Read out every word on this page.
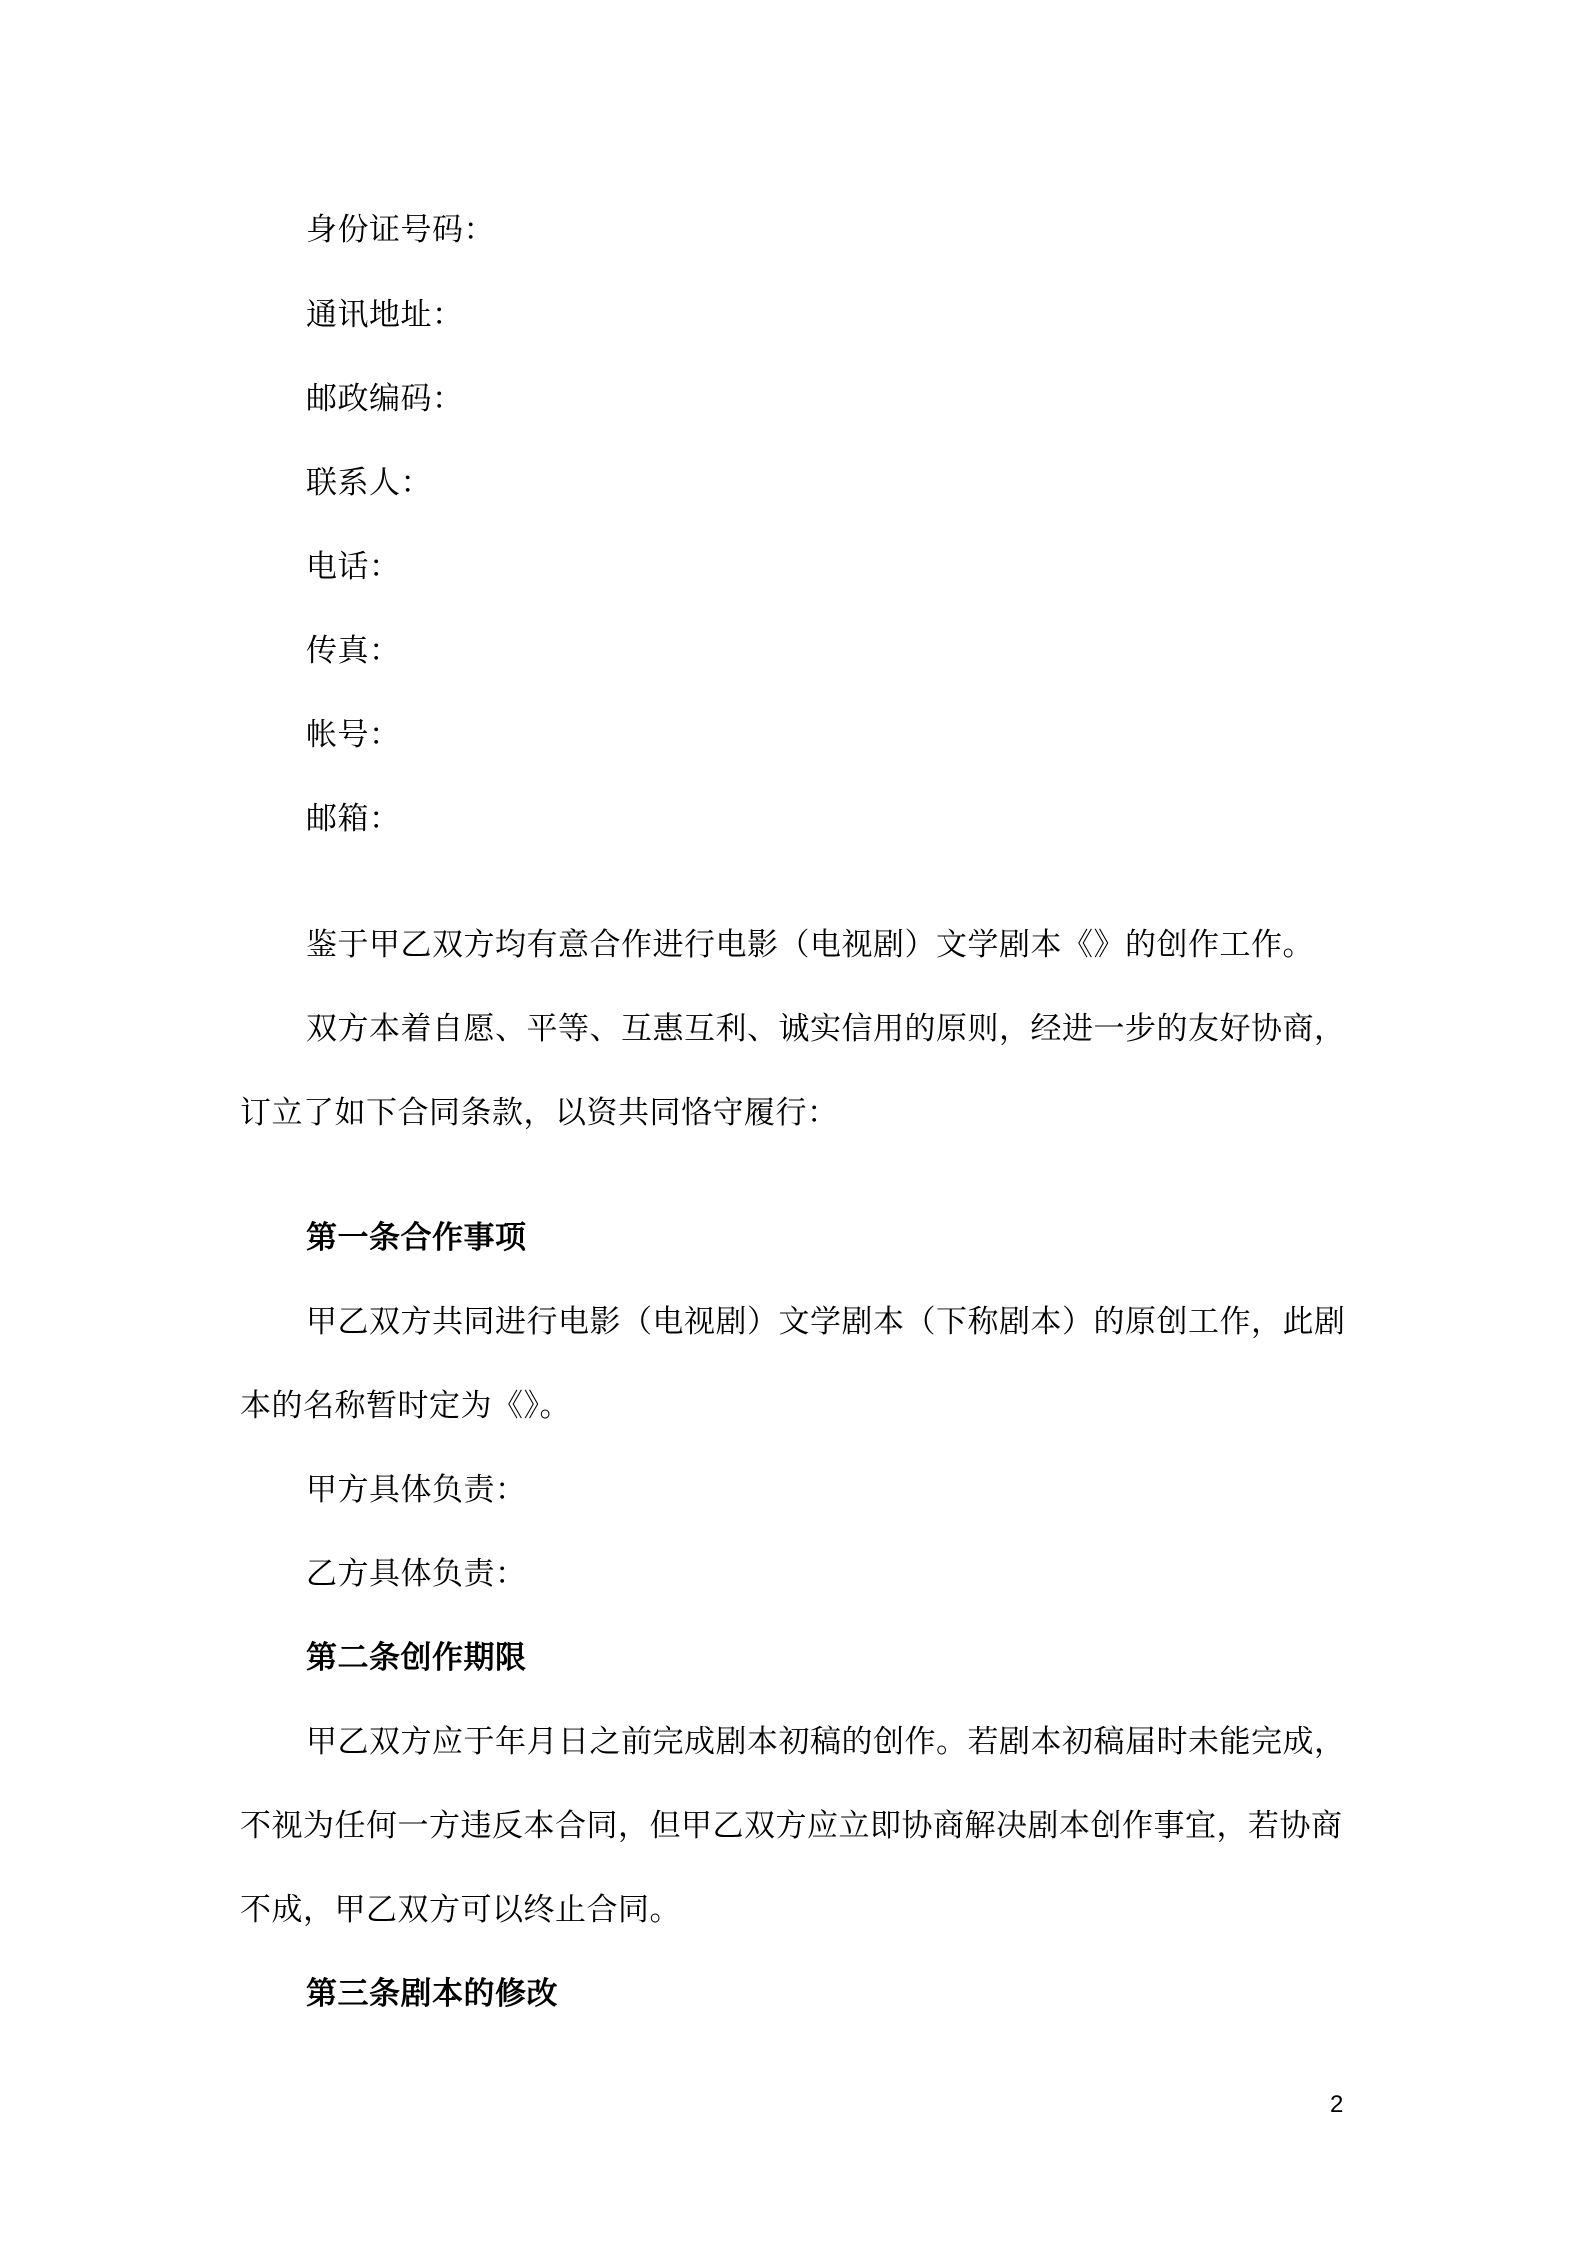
身份证号码：
通讯地址：
邮政编码：
联系人：
电话：
传真：
帐号：
邮箱：
鉴于甲乙双方均有意合作进行电影（电视剧）文学剧本《》的创作工作。
双方本着自愿、平等、互惠互利、诚实信用的原则，经进一步的友好协商，
订立了如下合同条款，以资共同恪守履行：
第一条合作事项
甲乙双方共同进行电影（电视剧）文学剧本（下称剧本）的原创工作，此剧
本的名称暂时定为《》。
甲方具体负责：
乙方具体负责：
第二条创作期限
甲乙双方应于年月日之前完成剧本初稿的创作。若剧本初稿届时未能完成，
不视为任何一方违反本合同，但甲乙双方应立即协商解决剧本创作事宜，若协商
不成，甲乙双方可以终止合同。
第三条剧本的修改
2
